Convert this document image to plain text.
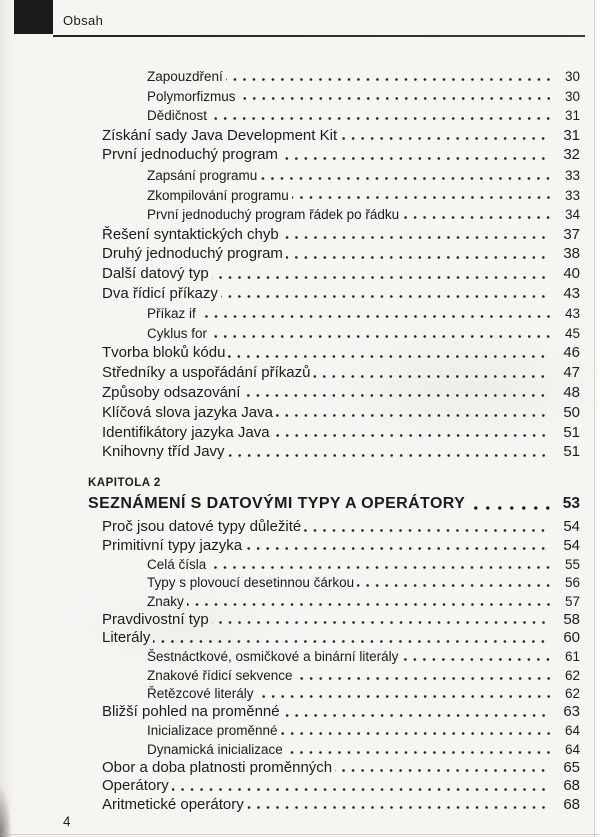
Obsah
Zapouzdření	30
Polymorfizmus	30
Dědičnost	31
Získání sady Java Development Kit	31
První jednoduchý program	32
Zapsání programu	33
Zkompilování programu	33
První jednoduchý program řádek po řádku	34
Řešení syntaktických chyb	37
Druhý jednoduchý program	38
Další datový typ	40
Dva řídicí příkazy	43
Příkaz if	43
Cyklus for	45
Tvorba bloků kódu	46
Středníky a uspořádání příkazů	47
Způsoby odsazování	48
Klíčová slova jazyka Java	50
Identifikátory jazyka Java	51
Knihovny tříd Javy	51
KAPITOLA 2
SEZNÁMENÍ S DATOVÝMI TYPY A OPERÁTORY	53
Proč jsou datové typy důležité	54
Primitivní typy jazyka	54
Celá čísla	55
Typy s plovoucí desetinnou čárkou	56
Znaky	57
Pravdivostní typ	58
Literály	60
Šestnáctkové, osmičkové a binární literály	61
Znakové řídicí sekvence	62
Řetězcové literály	62
Bližší pohled na proměnné	63
Inicializace proměnné	64
Dynamická inicializace	64
Obor a doba platnosti proměnných	65
Operátory	68
Aritmetické operátory	68
4
